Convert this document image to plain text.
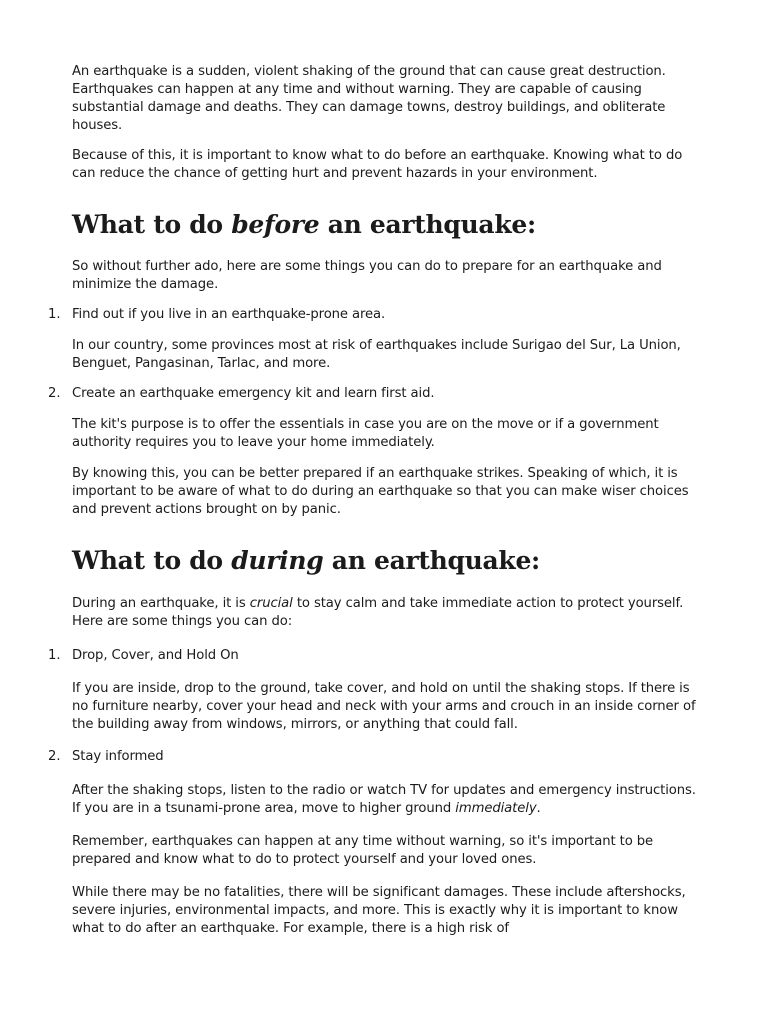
An earthquake is a sudden, violent shaking of the ground that can cause great destruction. Earthquakes can happen at any time and without warning. They are capable of causing substantial damage and deaths. They can damage towns, destroy buildings, and obliterate houses.

Because of this, it is important to know what to do before an earthquake. Knowing what to do can reduce the chance of getting hurt and prevent hazards in your environment.

What to do before an earthquake:

So without further ado, here are some things you can do to prepare for an earthquake and minimize the damage.

1. Find out if you live in an earthquake-prone area.

In our country, some provinces most at risk of earthquakes include Surigao del Sur, La Union, Benguet, Pangasinan, Tarlac, and more.

2. Create an earthquake emergency kit and learn first aid.

The kit's purpose is to offer the essentials in case you are on the move or if a government authority requires you to leave your home immediately.

By knowing this, you can be better prepared if an earthquake strikes. Speaking of which, it is important to be aware of what to do during an earthquake so that you can make wiser choices and prevent actions brought on by panic.

What to do during an earthquake:

During an earthquake, it is crucial to stay calm and take immediate action to protect yourself. Here are some things you can do:

1. Drop, Cover, and Hold On

If you are inside, drop to the ground, take cover, and hold on until the shaking stops. If there is no furniture nearby, cover your head and neck with your arms and crouch in an inside corner of the building away from windows, mirrors, or anything that could fall.

2. Stay informed

After the shaking stops, listen to the radio or watch TV for updates and emergency instructions. If you are in a tsunami-prone area, move to higher ground immediately.

Remember, earthquakes can happen at any time without warning, so it's important to be prepared and know what to do to protect yourself and your loved ones.

While there may be no fatalities, there will be significant damages. These include aftershocks, severe injuries, environmental impacts, and more. This is exactly why it is important to know what to do after an earthquake. For example, there is a high risk of
